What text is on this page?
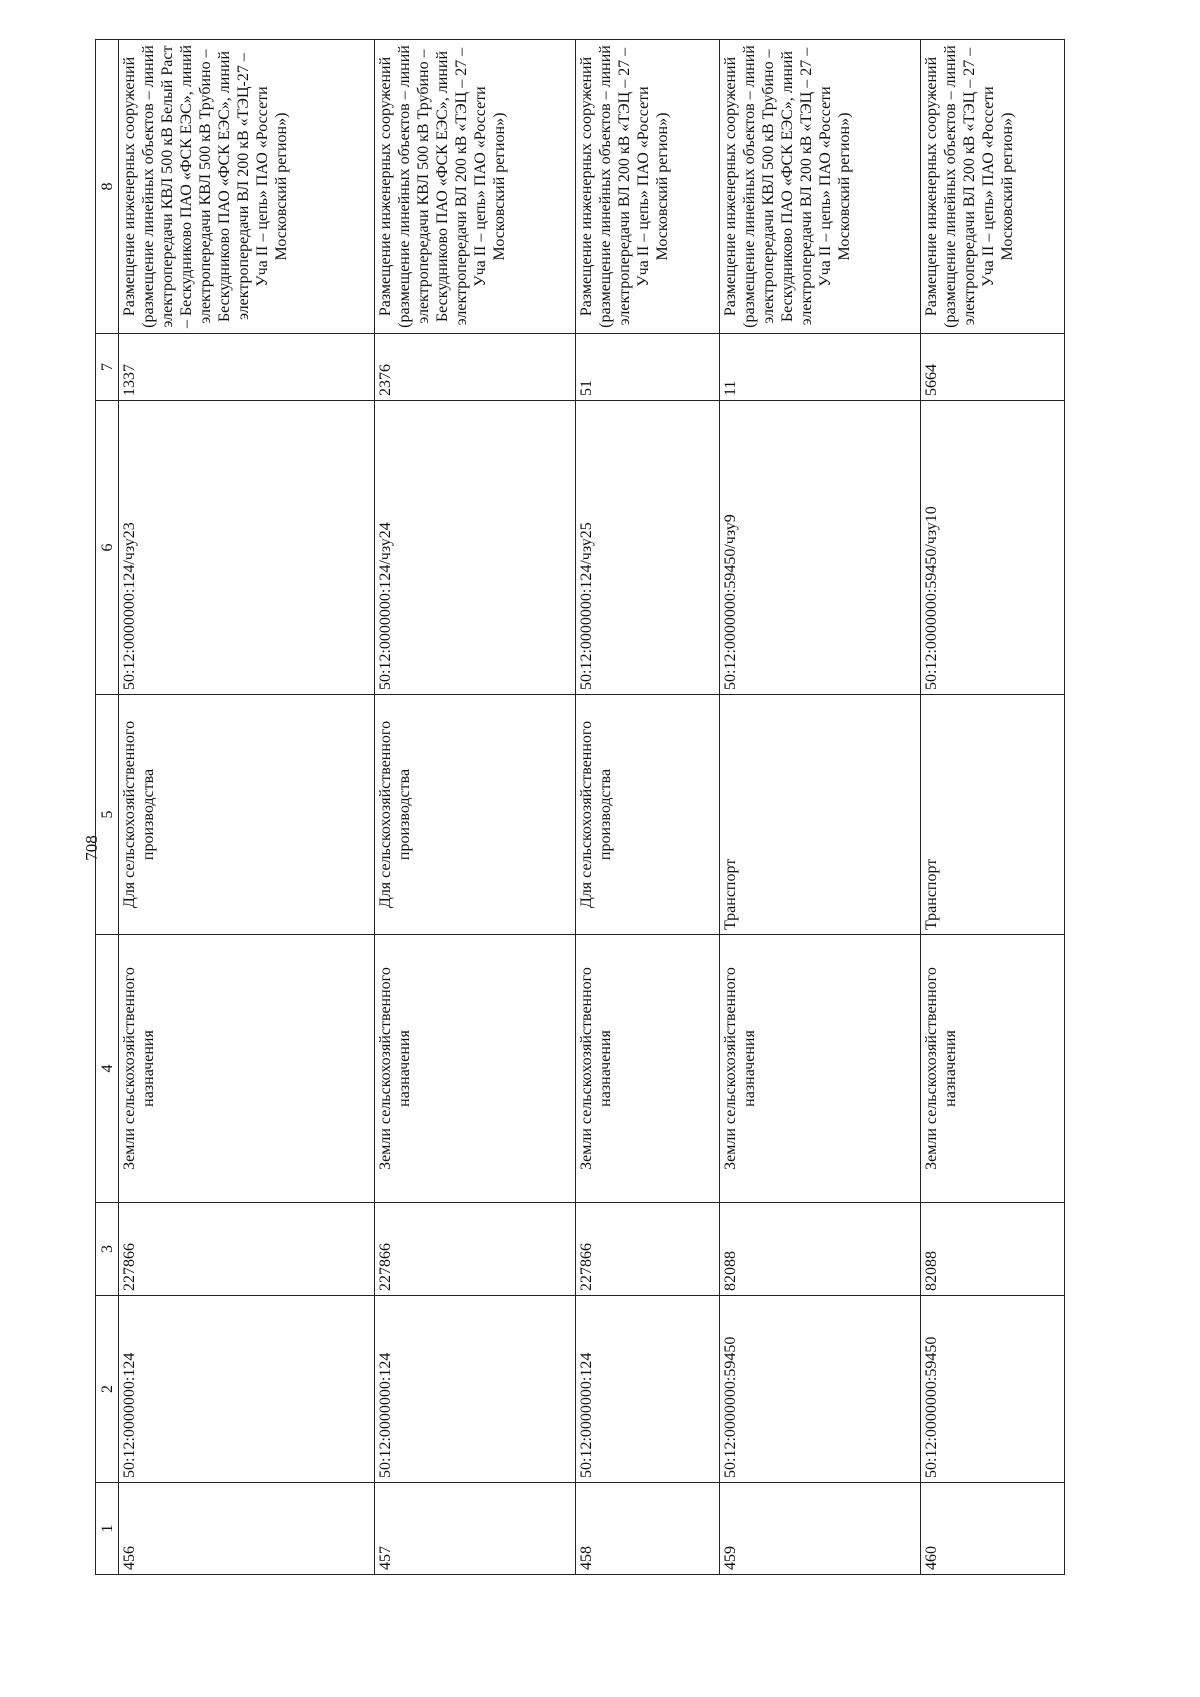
708
1	2	3	4	5	6	7	8
456	50:12:0000000:124	227866	Земли сельскохозяйственного назначения	Для сельскохозяйственного производства	50:12:0000000:124/чзу23	1337	Размещение инженерных сооружений (размещение линейных объектов – линий электропередачи КВЛ 500 кВ Белый Раст – Бескудниково ПАО «ФСК ЕЭС», линий электропередачи КВЛ 500 кВ Трубино – Бескудниково ПАО «ФСК ЕЭС», линий электропередачи ВЛ 200 кВ «ТЭЦ-27 – Уча II – цепь» ПАО «Россети Московский регион»)
457	50:12:0000000:124	227866	Земли сельскохозяйственного назначения	Для сельскохозяйственного производства	50:12:0000000:124/чзу24	2376	Размещение инженерных сооружений (размещение линейных объектов – линий электропередачи КВЛ 500 кВ Трубино – Бескудниково ПАО «ФСК ЕЭС», линий электропередачи ВЛ 200 кВ «ТЭЦ – 27 – Уча II – цепь» ПАО «Россети Московский регион»)
458	50:12:0000000:124	227866	Земли сельскохозяйственного назначения	Для сельскохозяйственного производства	50:12:0000000:124/чзу25	51	Размещение инженерных сооружений (размещение линейных объектов – линий электропередачи ВЛ 200 кВ «ТЭЦ – 27 – Уча II – цепь» ПАО «Россети Московский регион»)
459	50:12:0000000:59450	82088	Земли сельскохозяйственного назначения	Транспорт	50:12:0000000:59450/чзу9	11	Размещение инженерных сооружений (размещение линейных объектов – линий электропередачи КВЛ 500 кВ Трубино – Бескудниково ПАО «ФСК ЕЭС», линий электропередачи ВЛ 200 кВ «ТЭЦ – 27 – Уча II – цепь» ПАО «Россети Московский регион»)
460	50:12:0000000:59450	82088	Земли сельскохозяйственного назначения	Транспорт	50:12:0000000:59450/чзу10	5664	Размещение инженерных сооружений (размещение линейных объектов – линий электропередачи ВЛ 200 кВ «ТЭЦ – 27 – Уча II – цепь» ПАО «Россети Московский регион»)
